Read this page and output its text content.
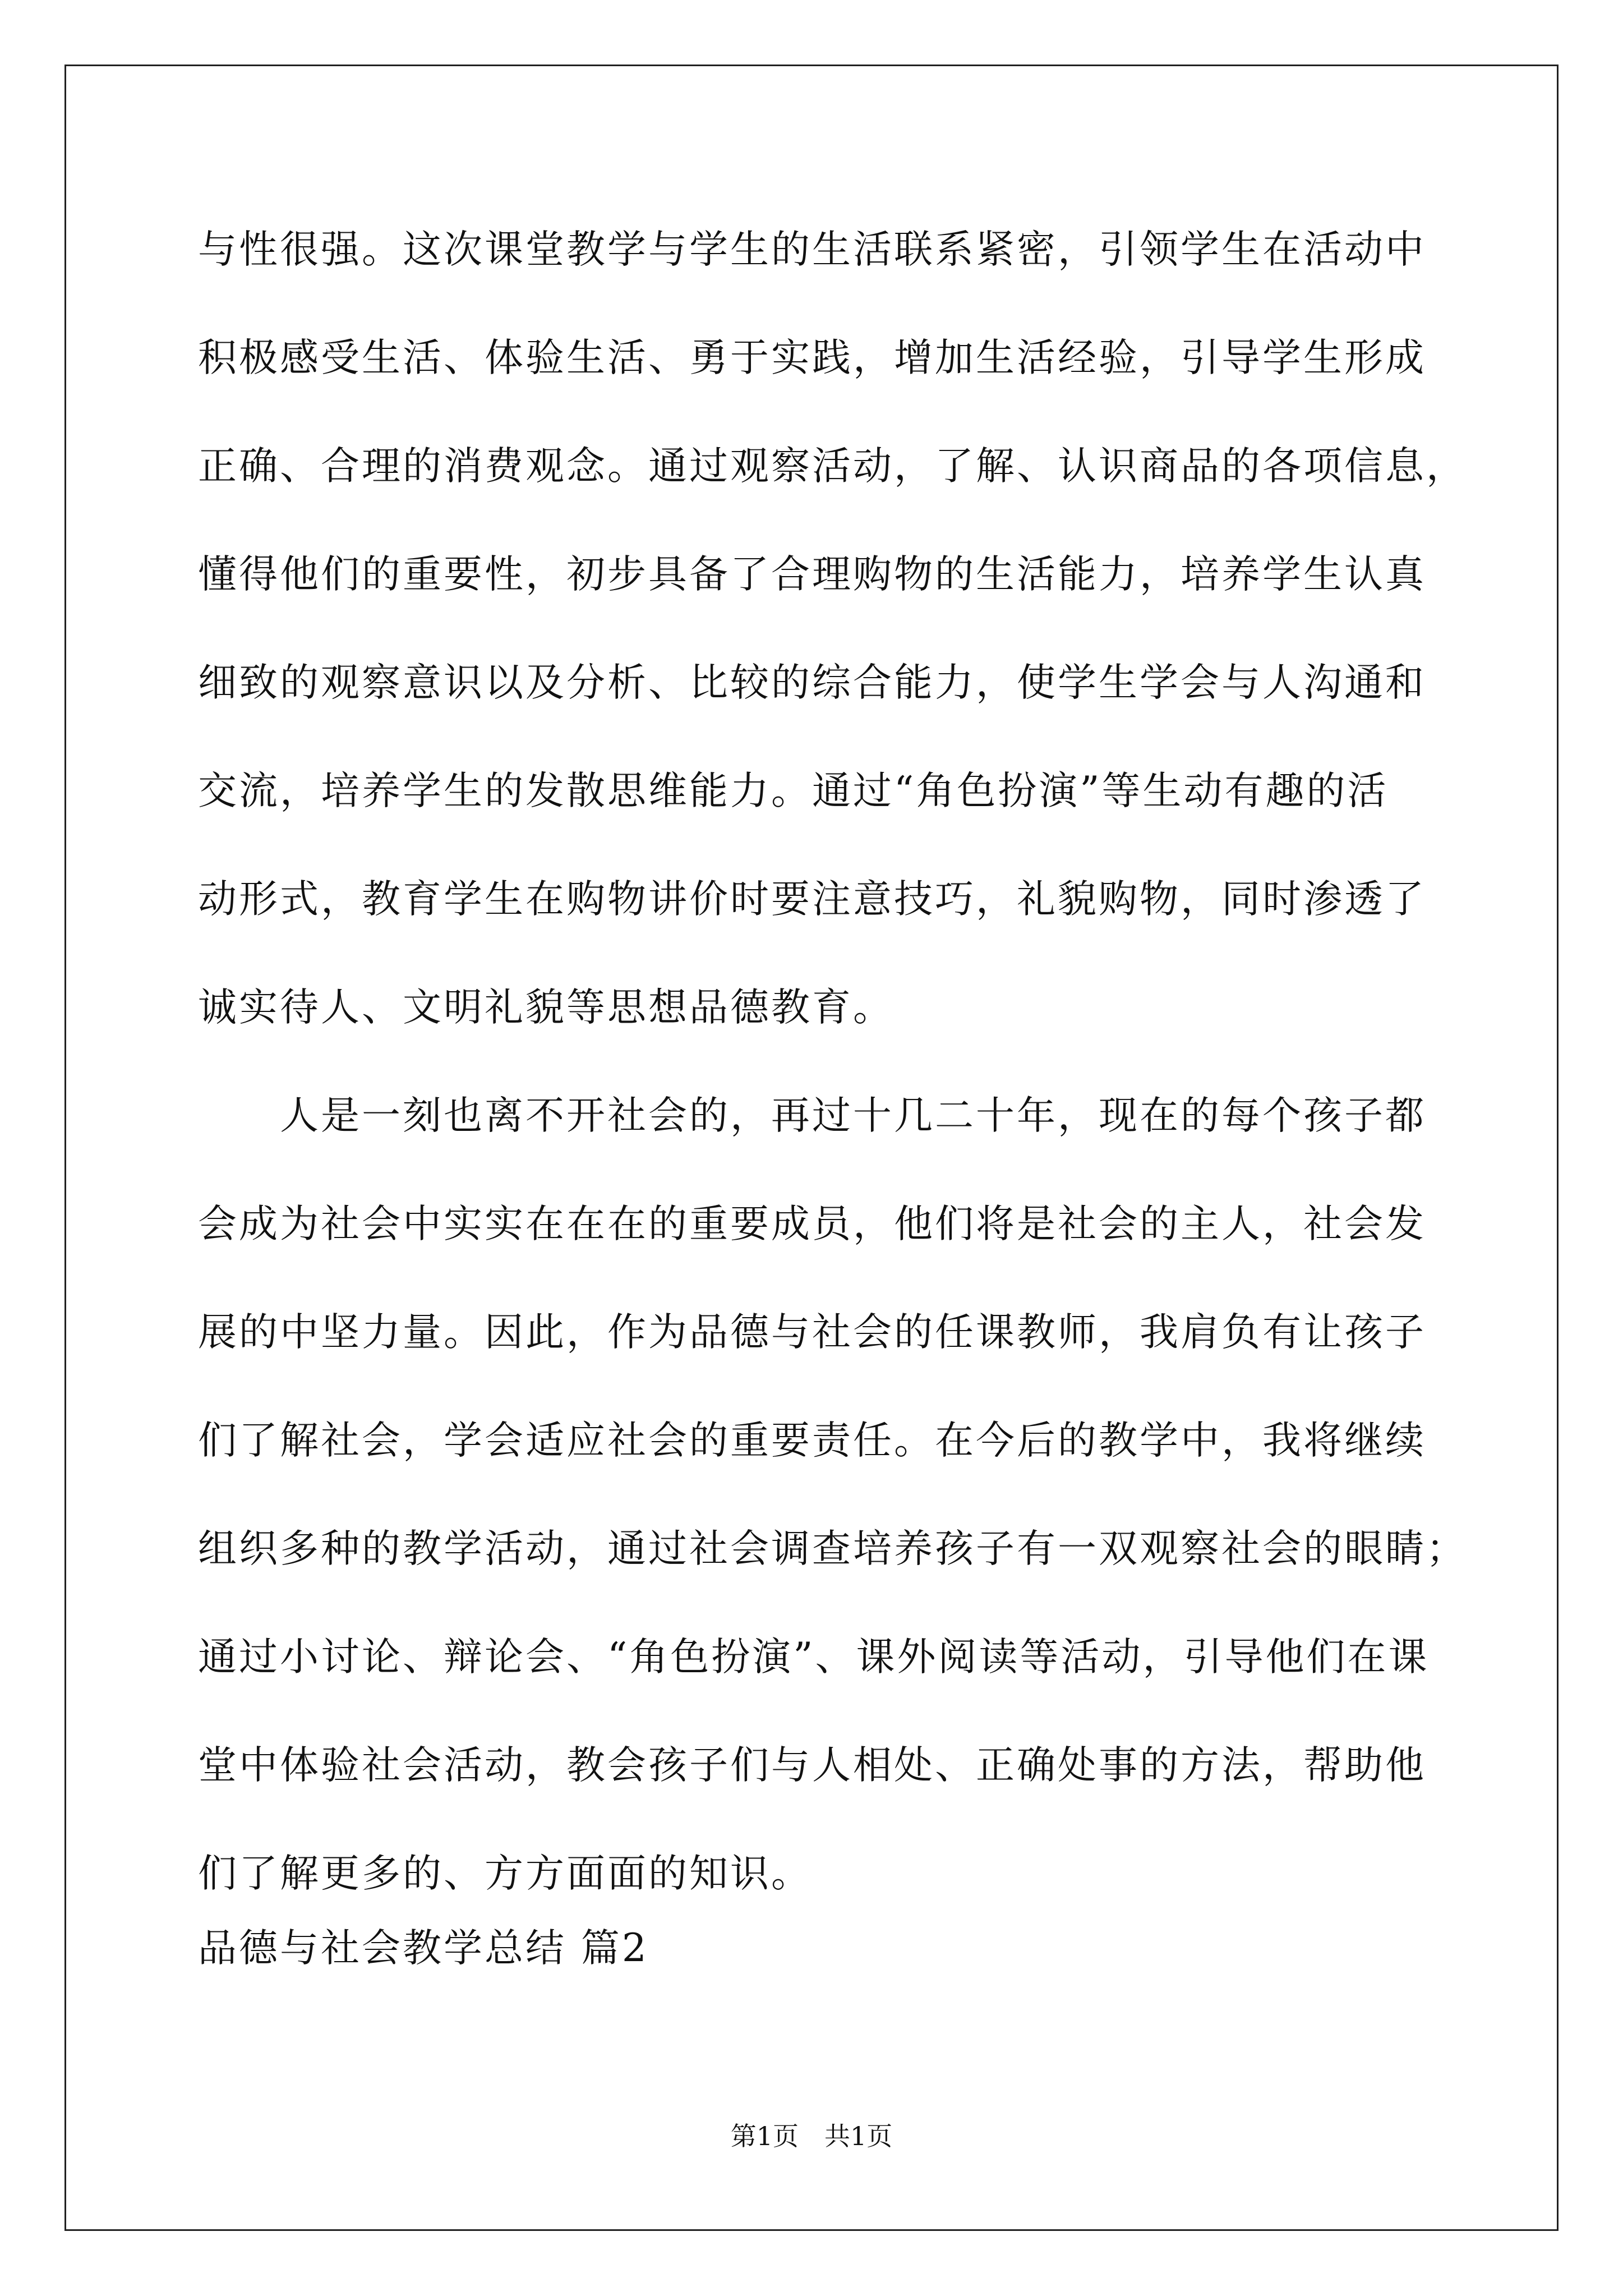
与性很强。这次课堂教学与学生的生活联系紧密，引领学生在活动中
积极感受生活、体验生活、勇于实践，增加生活经验，引导学生形成
正确、合理的消费观念。通过观察活动，了解、认识商品的各项信息，
懂得他们的重要性，初步具备了合理购物的生活能力，培养学生认真
细致的观察意识以及分析、比较的综合能力，使学生学会与人沟通和
交流，培养学生的发散思维能力。通过“角色扮演”等生动有趣的活
动形式，教育学生在购物讲价时要注意技巧，礼貌购物，同时渗透了
诚实待人、文明礼貌等思想品德教育。
人是一刻也离不开社会的，再过十几二十年，现在的每个孩子都
会成为社会中实实在在在的重要成员，他们将是社会的主人，社会发
展的中坚力量。因此，作为品德与社会的任课教师，我肩负有让孩子
们了解社会，学会适应社会的重要责任。在今后的教学中，我将继续
组织多种的教学活动，通过社会调查培养孩子有一双观察社会的眼睛；
通过小讨论、辩论会、“角色扮演”、课外阅读等活动，引导他们在课
堂中体验社会活动，教会孩子们与人相处、正确处事的方法，帮助他
们了解更多的、方方面面的知识。
品德与社会教学总结 篇2
第1页　共1页
